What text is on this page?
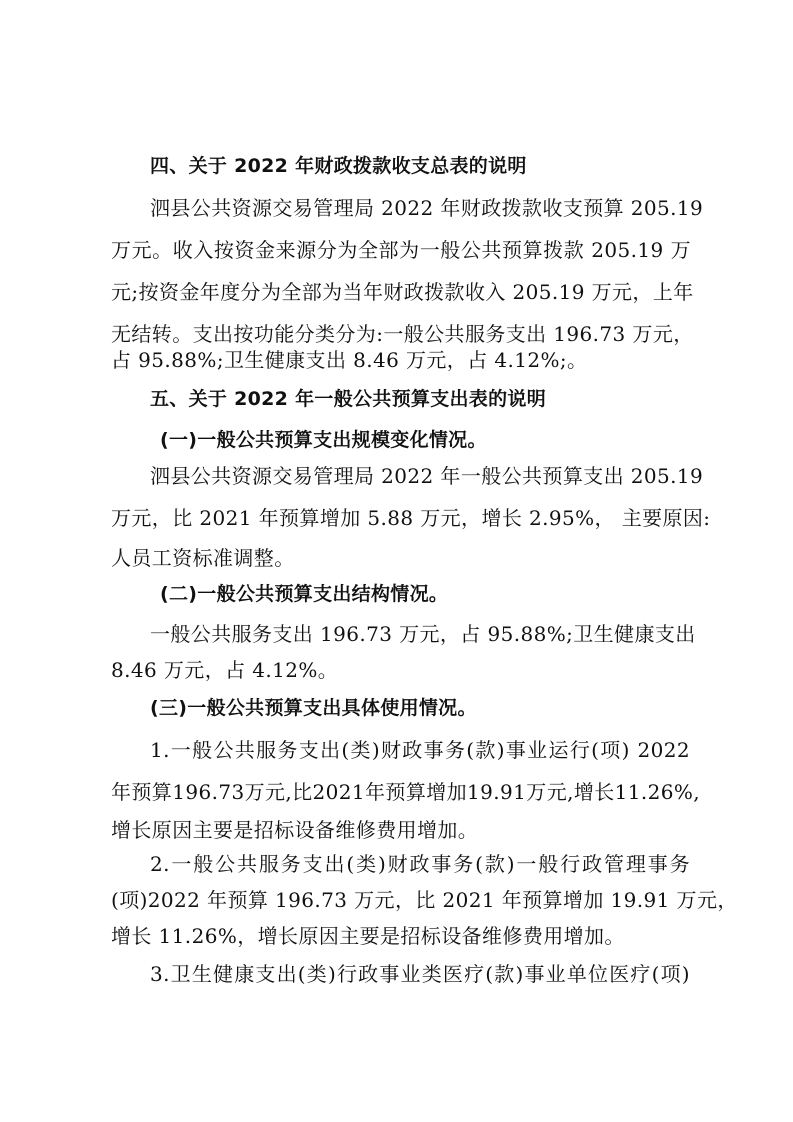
四、关于 2022 年财政拨款收支总表的说明
泗县公共资源交易管理局 2022 年财政拨款收支预算 205.19
万元。收入按资金来源分为全部为一般公共预算拨款 205.19 万
元;按资金年度分为全部为当年财政拨款收入 205.19 万元，上年
无结转。支出按功能分类分为:一般公共服务支出 196.73 万元，
占 95.88%;卫生健康支出 8.46 万元，占 4.12%;。
五、关于 2022 年一般公共预算支出表的说明
(一)一般公共预算支出规模变化情况。
泗县公共资源交易管理局 2022 年一般公共预算支出 205.19
万元，比 2021 年预算增加 5.88 万元，增长 2.95%， 主要原因:
人员工资标准调整。
(二)一般公共预算支出结构情况。
一般公共服务支出 196.73 万元，占 95.88%;卫生健康支出
8.46 万元，占 4.12%。
(三)一般公共预算支出具体使用情况。
1.一般公共服务支出(类)财政事务(款)事业运行(项) 2022
年预算196.73万元,比2021年预算增加19.91万元,增长11.26%,
增长原因主要是招标设备维修费用增加。
2.一般公共服务支出(类)财政事务(款)一般行政管理事务
(项)2022 年预算 196.73 万元，比 2021 年预算增加 19.91 万元，
增长 11.26%，增长原因主要是招标设备维修费用增加。
3.卫生健康支出(类)行政事业类医疗(款)事业单位医疗(项)
